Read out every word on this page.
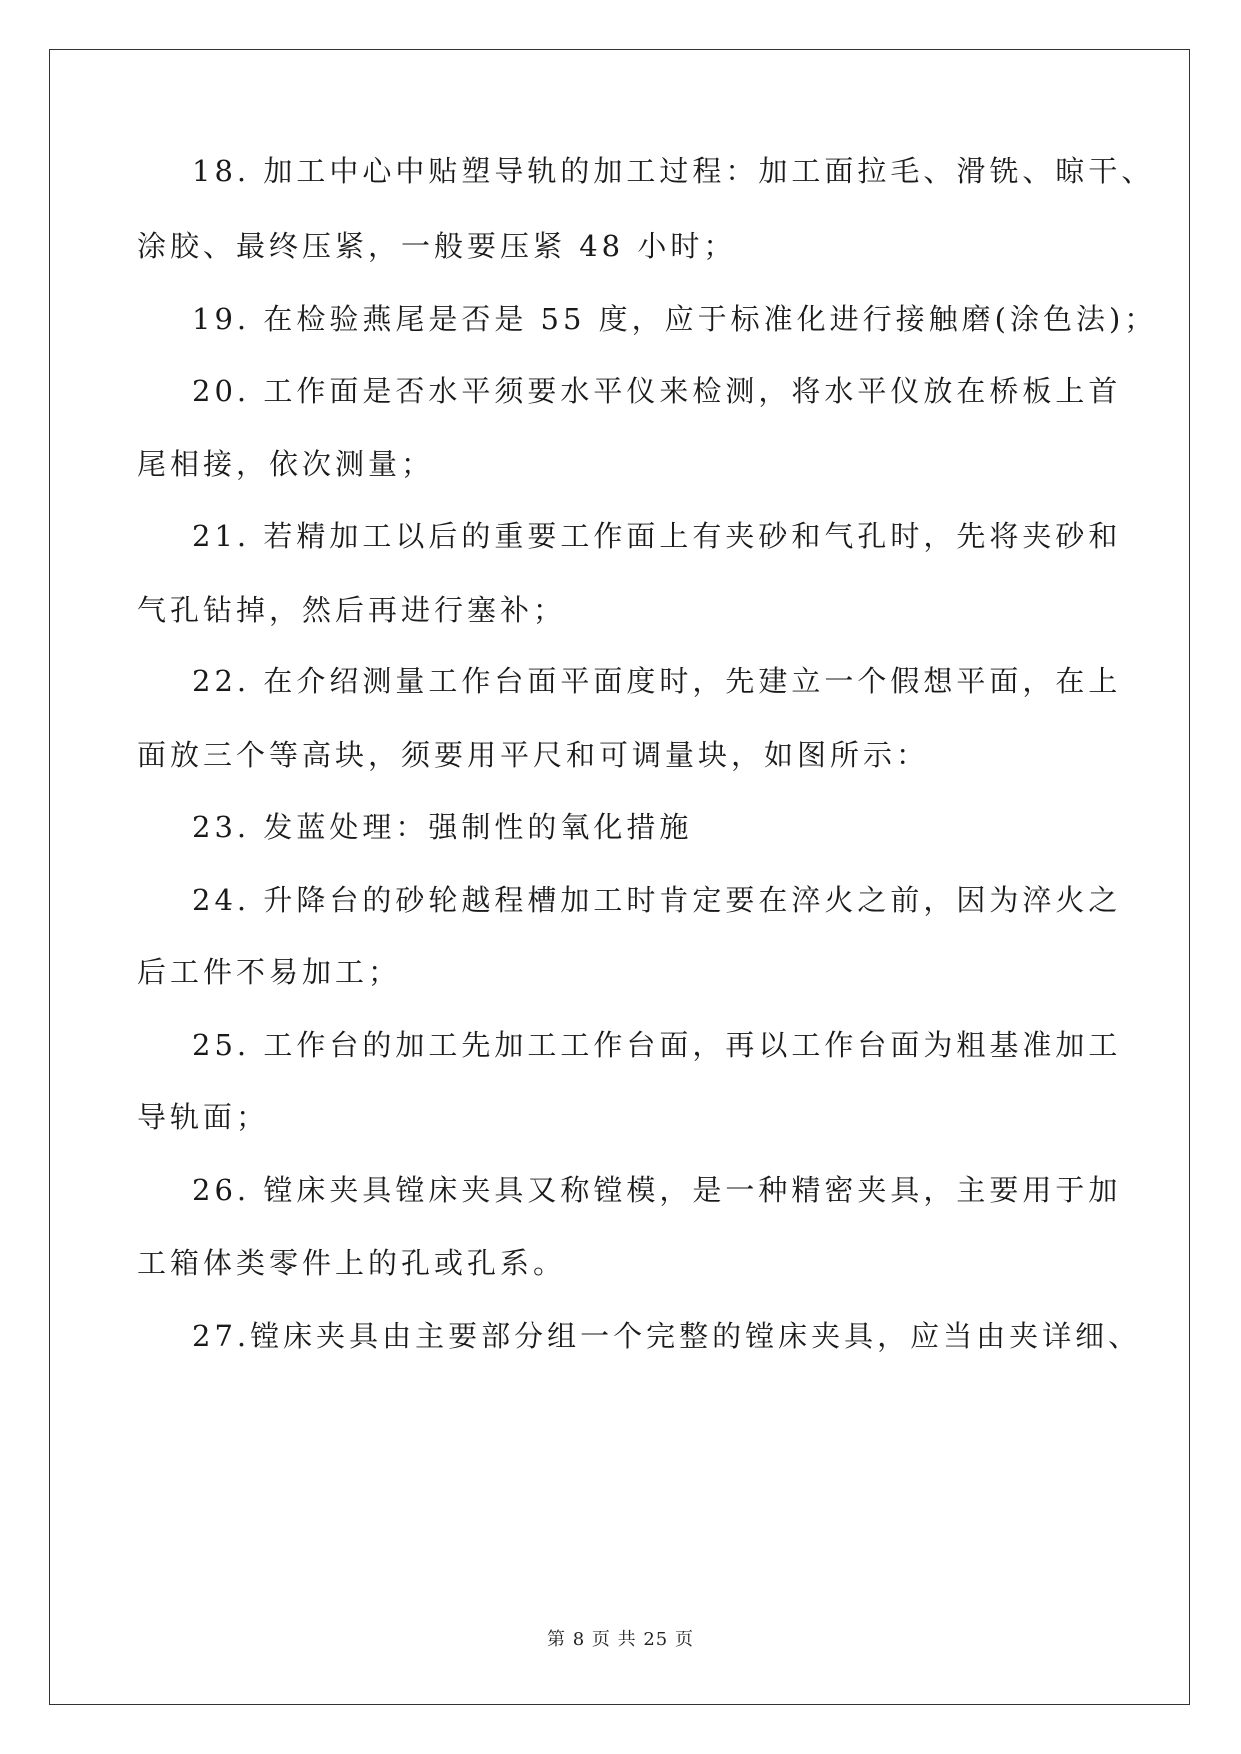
18. 加工中心中贴塑导轨的加工过程：加工面拉毛、滑铣、晾干、
涂胶、最终压紧，一般要压紧 48 小时；
19. 在检验燕尾是否是 55 度，应于标准化进行接触磨(涂色法)；
20. 工作面是否水平须要水平仪来检测，将水平仪放在桥板上首
尾相接，依次测量；
21. 若精加工以后的重要工作面上有夹砂和气孔时，先将夹砂和
气孔钻掉，然后再进行塞补；
22. 在介绍测量工作台面平面度时，先建立一个假想平面，在上
面放三个等高块，须要用平尺和可调量块，如图所示：
23. 发蓝处理：强制性的氧化措施
24. 升降台的砂轮越程槽加工时肯定要在淬火之前，因为淬火之
后工件不易加工；
25. 工作台的加工先加工工作台面，再以工作台面为粗基准加工
导轨面；
26. 镗床夹具镗床夹具又称镗模，是一种精密夹具，主要用于加
工箱体类零件上的孔或孔系。
27.镗床夹具由主要部分组一个完整的镗床夹具，应当由夹详细、
第 8 页 共 25 页
